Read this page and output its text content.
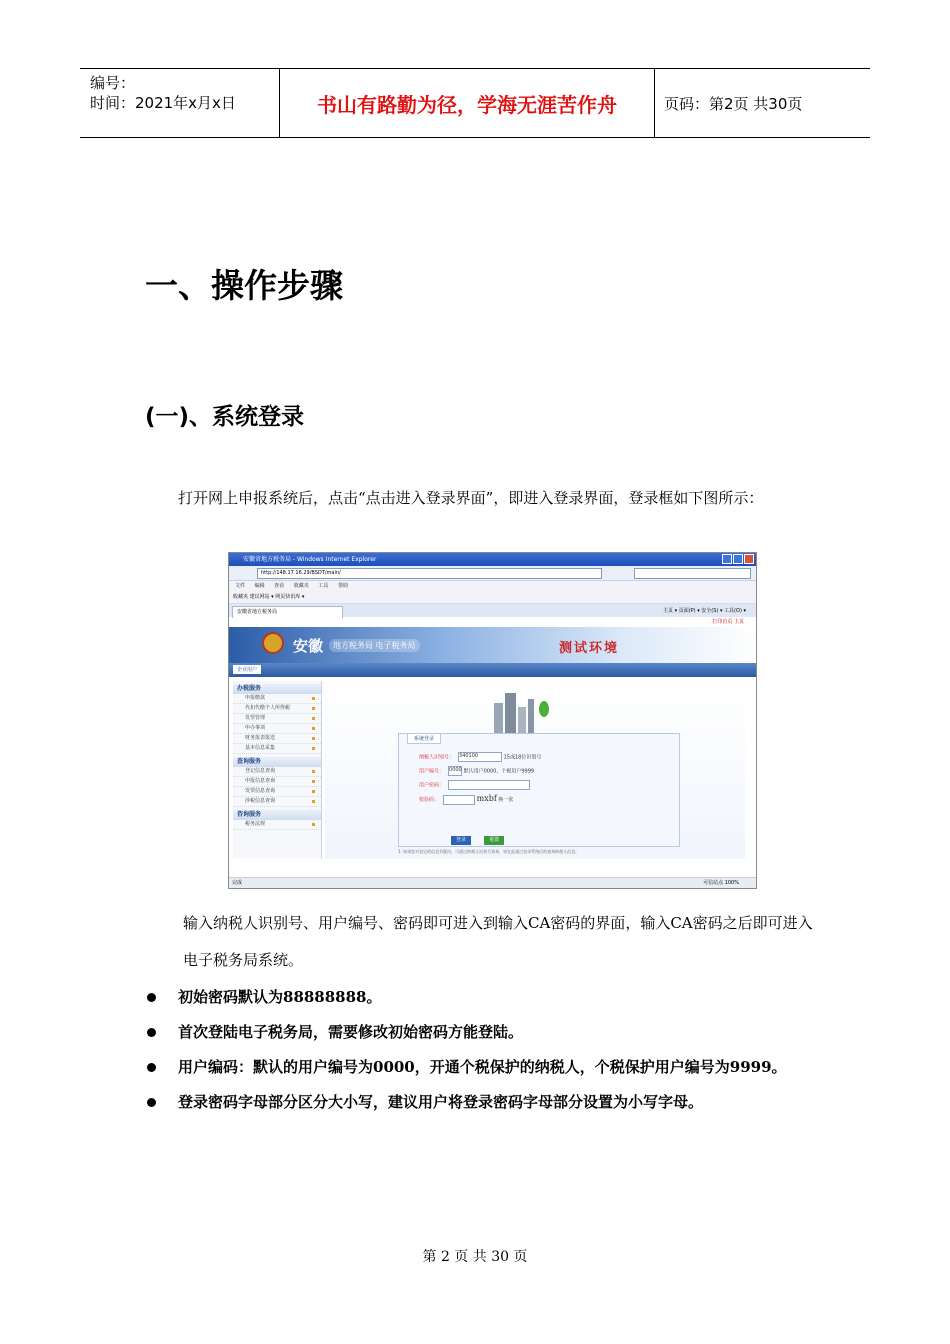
编号：
时间：2021年x月x日	书山有路勤为径，学海无涯苦作舟	页码：第2页 共30页
一、操作步骤
(一)、系统登录
打开网上申报系统后，点击“点击进入登录界面”，即进入登录界面，登录框如下图所示：
安徽省地方税务局 - Windows Internet Explorer
http://148.17.16.29/BSDT/main/
文件 编辑 查看 收藏夹 工具 帮助
收藏夹 建议网站 ▾ 网页快讯库 ▾
安徽省地方税务局	主页 ▾ 页面(P) ▾ 安全(S) ▾ 工具(O) ▾
打印首页 主页
安徽	地方税务局 电子税务局	测试环境
企业用户
办税服务
申报缴款
代扣代缴个人所得税
发票管理
申办事项
财务报表报送
基本信息采集
查询服务
登记信息查询
申报信息查询
发票信息查询
涉税信息查询
咨询服务
税务法规
系统登录
纳税人识别号： 340100	15或18位识别号
用户编号： 0000 默认用户0000，个税用户9999
用户密码：
校验码：	mxbf 换一张
登录	重置
1. 如果您对登记的信息有疑问，可通过纳税人识别号查询，请在此通过登录系统后的查询纳税人信息。
完成	可信站点 100%
输入纳税人识别号、用户编号、密码即可进入到输入CA密码的界面，输入CA密码之后即可进入电子税务局系统。
初始密码默认为88888888。
首次登陆电子税务局，需要修改初始密码方能登陆。
用户编码：默认的用户编号为0000，开通个税保护的纳税人，个税保护用户编号为9999。
登录密码字母部分区分大小写，建议用户将登录密码字母部分设置为小写字母。
第 2 页 共 30 页
